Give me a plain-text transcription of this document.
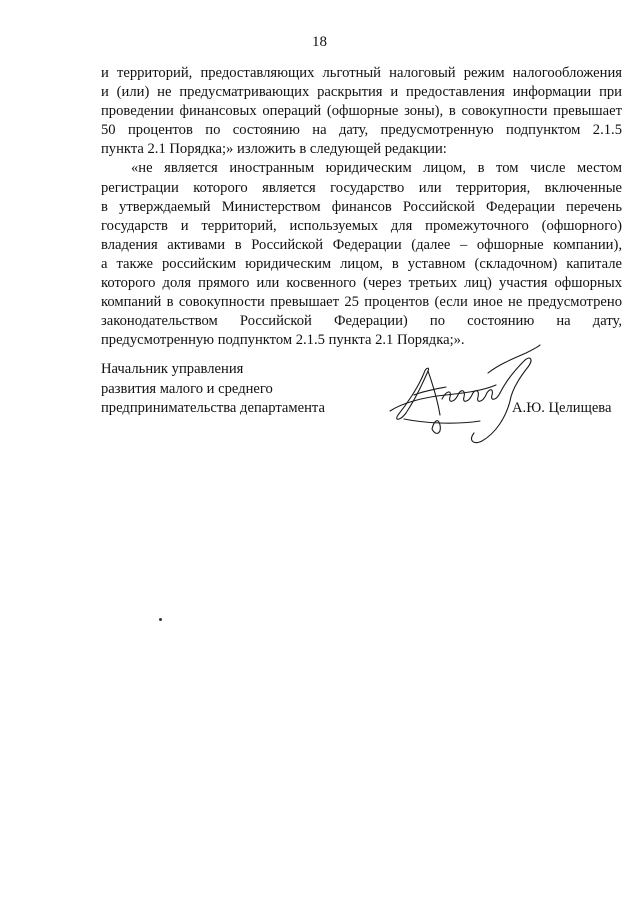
18

и территорий, предоставляющих льготный налоговый режим налогообложения
и (или) не предусматривающих раскрытия и предоставления информации при
проведении финансовых операций (офшорные зоны), в совокупности превышает
50 процентов по состоянию на дату, предусмотренную подпунктом 2.1.5
пункта 2.1 Порядка;» изложить в следующей редакции:

«не является иностранным юридическим лицом, в том числе местом
регистрации которого является государство или территория, включенные
в утверждаемый Министерством финансов Российской Федерации перечень
государств и территорий, используемых для промежуточного (офшорного)
владения активами в Российской Федерации (далее – офшорные компании),
а также российским юридическим лицом, в уставном (складочном) капитале
которого доля прямого или косвенного (через третьих лиц) участия офшорных
компаний в совокупности превышает 25 процентов (если иное не предусмотрено
законодательством Российской Федерации) по состоянию на дату,
предусмотренную подпунктом 2.1.5 пункта 2.1 Порядка;».

Начальник управления
развития малого и среднего
предпринимательства департамента	А.Ю. Целищева
